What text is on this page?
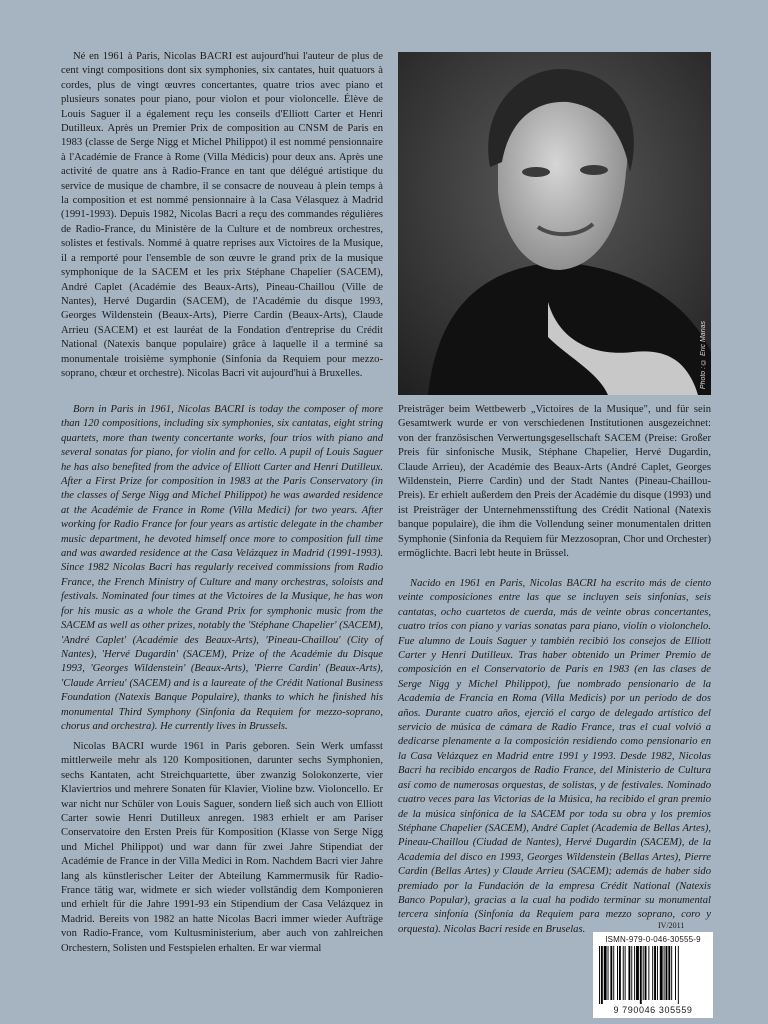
Né en 1961 à Paris, Nicolas BACRI est aujourd'hui l'auteur de plus de cent vingt compositions dont six symphonies, six cantates, huit quatuors à cordes, plus de vingt œuvres concertantes, quatre trios avec piano et plusieurs sonates pour piano, pour violon et pour violoncelle. Élève de Louis Saguer il a également reçu les conseils d'Elliott Carter et Henri Dutilleux. Après un Premier Prix de composition au CNSM de Paris en 1983 (classe de Serge Nigg et Michel Philippot) il est nommé pensionnaire à l'Académie de France à Rome (Villa Médicis) pour deux ans. Après une activité de quatre ans à Radio-France en tant que délégué artistique du service de musique de chambre, il se consacre de nouveau à plein temps à la composition et est nommé pensionnaire à la Casa Vélasquez à Madrid (1991-1993). Depuis 1982, Nicolas Bacri a reçu des commandes régulières de Radio-France, du Ministère de la Culture et de nombreux orchestres, solistes et festivals. Nommé à quatre reprises aux Victoires de la Musique, il a remporté pour l'ensemble de son œuvre le grand prix de la musique symphonique de la SACEM et les prix Stéphane Chapelier (SACEM), André Caplet (Académie des Beaux-Arts), Pineau-Chaillou (Ville de Nantes), Hervé Dugardin (SACEM), de l'Académie du disque 1993, Georges Wildenstein (Beaux-Arts), Pierre Cardin (Beaux-Arts), Claude Arrieu (SACEM) et est lauréat de la Fondation d'entreprise du Crédit National (Natexis banque populaire) grâce à laquelle il a terminé sa monumentale troisième symphonie (Sinfonia da Requiem pour mezzo-soprano, chœur et orchestre). Nicolas Bacri vit aujourd'hui à Bruxelles.	Photo : © Eric Manas

Born in Paris in 1961, Nicolas BACRI is today the composer of more than 120 compositions, including six symphonies, six cantatas, eight string quartets, more than twenty concertante works, four trios with piano and several sonatas for piano, for violin and for cello. A pupil of Louis Saguer he has also benefited from the advice of Elliott Carter and Henri Dutilleux. After a First Prize for composition in 1983 at the Paris Conservatory (in the classes of Serge Nigg and Michel Philippot) he was awarded residence at the Académie de France in Rome (Villa Medici) for two years. After working for Radio France for four years as artistic delegate in the chamber music department, he devoted himself once more to composition full time and was awarded residence at the Casa Velázquez in Madrid (1991-1993). Since 1982 Nicolas Bacri has regularly received commissions from Radio France, the French Ministry of Culture and many orchestras, soloists and festivals. Nominated four times at the Victoires de la Musique, he has won for his music as a whole the Grand Prix for symphonic music from the SACEM as well as other prizes, notably the 'Stéphane Chapelier' (SACEM), 'André Caplet' (Académie des Beaux-Arts), 'Pineau-Chaillou' (City of Nantes), 'Hervé Dugardin' (SACEM), Prize of the Académie du Disque 1993, 'Georges Wildenstein' (Beaux-Arts), 'Pierre Cardin' (Beaux-Arts), 'Claude Arrieu' (SACEM) and is a laureate of the Crédit National Business Foundation (Natexis Banque Populaire), thanks to which he finished his monumental Third Symphony (Sinfonia da Requiem for mezzo-soprano, chorus and orchestra). He currently lives in Brussels.

Preisträger beim Wettbewerb „Victoires de la Musique", und für sein Gesamtwerk wurde er von verschiedenen Institutionen ausgezeichnet: von der französischen Verwertungsgesellschaft SACEM (Preise: Großer Preis für sinfonische Musik, Stéphane Chapelier, Hervé Dugardin, Claude Arrieu), der Académie des Beaux-Arts (André Caplet, Georges Wildenstein, Pierre Cardin) und der Stadt Nantes (Pineau-Chaillou-Preis). Er erhielt außerdem den Preis der Académie du disque (1993) und ist Preisträger der Unternehmensstiftung des Crédit National (Natexis banque populaire), die ihm die Vollendung seiner monumentalen dritten Symphonie (Sinfonia da Requiem für Mezzosopran, Chor und Orchester) ermöglichte. Bacri lebt heute in Brüssel.

Nacido en 1961 en Paris, Nicolas BACRI ha escrito más de ciento veinte composiciones entre las que se incluyen seis sinfonías, seis cantatas, ocho cuartetos de cuerda, más de veinte obras concertantes, cuatro tríos con piano y varias sonatas para piano, violín o violonchelo. Fue alumno de Louis Saguer y también recibió los consejos de Elliott Carter y Henri Dutilleux. Tras haber obtenido un Primer Premio de composición en el Conservatorio de Paris en 1983 (en las clases de Serge Nigg y Michel Philippot), fue nombrado pensionario de la Academia de Francia en Roma (Villa Medicis) por un período de dos años. Durante cuatro años, ejerció el cargo de delegado artístico del servicio de música de cámara de Radio France, tras el cual volvió a dedicarse plenamente a la composición residiendo como pensionario en la Casa Velázquez en Madrid entre 1991 y 1993. Desde 1982, Nicolas Bacri ha recibido encargos de Radio France, del Ministerio de Cultura así como de numerosas orquestas, de solistas, y de festivales. Nominado cuatro veces para las Victorias de la Música, ha recibido el gran premio de la música sinfónica de la SACEM por toda su obra y los premios Stéphane Chapelier (SACEM), André Caplet (Academia de Bellas Artes), Pineau-Chaillou (Ciudad de Nantes), Hervé Dugardin (SACEM), de la Academia del disco en 1993, Georges Wildenstein (Bellas Artes), Pierre Cardin (Bellas Artes) y Claude Arrieu (SACEM); además de haber sido premiado por la Fundación de la empresa Crédit National (Natexis Banco Popular), gracias a la cual ha podido terminar su monumental tercera sinfonía (Sinfonía da Requiem para mezzo soprano, coro y orquesta). Nicolas Bacri reside en Bruselas.

Nicolas BACRI wurde 1961 in Paris geboren. Sein Werk umfasst mittlerweile mehr als 120 Kompositionen, darunter sechs Symphonien, sechs Kantaten, acht Streichquartette, über zwanzig Solokonzerte, vier Klaviertrios und mehrere Sonaten für Klavier, Violine bzw. Violoncello. Er war nicht nur Schüler von Louis Saguer, sondern ließ sich auch von Elliott Carter sowie Henri Dutilleux anregen. 1983 erhielt er am Pariser Conservatoire den Ersten Preis für Komposition (Klasse von Serge Nigg und Michel Philippot) und war dann für zwei Jahre Stipendiat der Académie de France in der Villa Medici in Rom. Nachdem Bacri vier Jahre lang als künstlerischer Leiter der Abteilung Kammermusik für Radio-France tätig war, widmete er sich wieder vollständig dem Komponieren und erhielt für die Jahre 1991-93 ein Stipendium der Casa Velázquez in Madrid. Bereits von 1982 an hatte Nicolas Bacri immer wieder Aufträge von Radio-France, vom Kultusministerium, aber auch von zahlreichen Orchestern, Solisten und Festspielen erhalten. Er war viermal

IV/2011
ISMN-979-0-046-30555-9
9 790046 305559
